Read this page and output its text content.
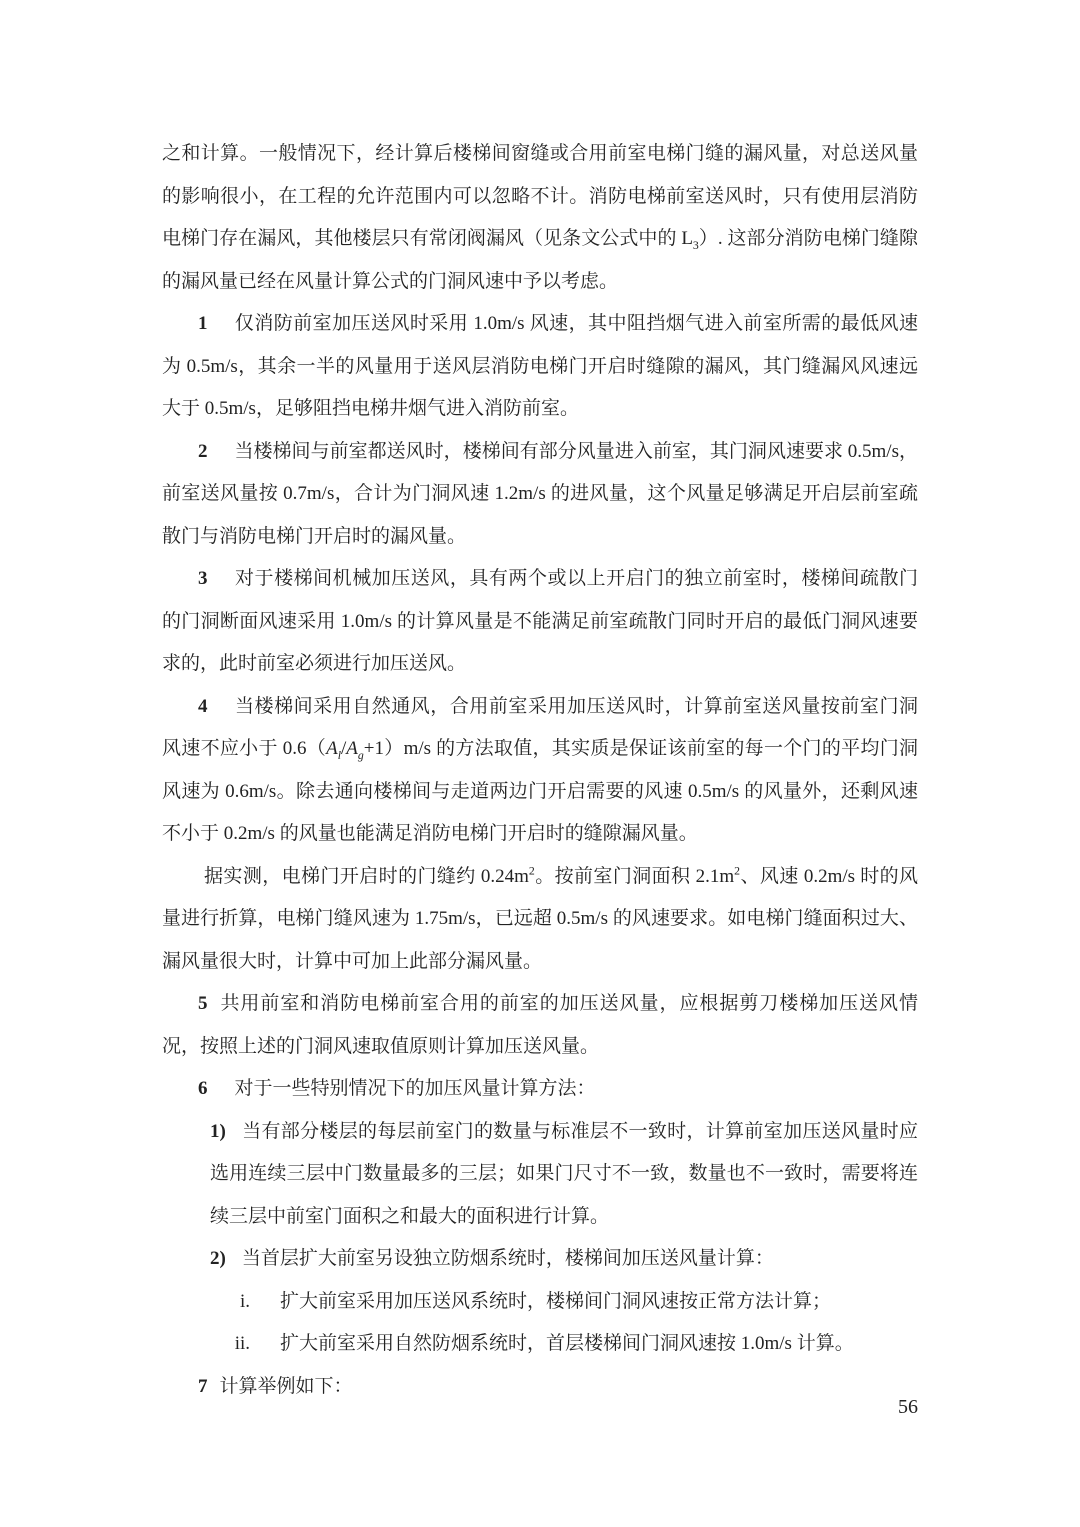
之和计算。一般情况下，经计算后楼梯间窗缝或合用前室电梯门缝的漏风量，对总送风量的影响很小，在工程的允许范围内可以忽略不计。消防电梯前室送风时，只有使用层消防电梯门存在漏风，其他楼层只有常闭阀漏风（见条文公式中的 $L_3$）. 这部分消防电梯门缝隙的漏风量已经在风量计算公式的门洞风速中予以考虑。
1 仅消防前室加压送风时采用 1.0m/s 风速，其中阻挡烟气进入前室所需的最低风速为 0.5m/s，其余一半的风量用于送风层消防电梯门开启时缝隙的漏风，其门缝漏风风速远大于 0.5m/s，足够阻挡电梯井烟气进入消防前室。
2 当楼梯间与前室都送风时，楼梯间有部分风量进入前室，其门洞风速要求 0.5m/s，前室送风量按 0.7m/s，合计为门洞风速 1.2m/s 的进风量，这个风量足够满足开启层前室疏散门与消防电梯门开启时的漏风量。
3 对于楼梯间机械加压送风，具有两个或以上开启门的独立前室时，楼梯间疏散门的门洞断面风速采用 1.0m/s 的计算风量是不能满足前室疏散门同时开启的最低门洞风速要求的，此时前室必须进行加压送风。
4 当楼梯间采用自然通风，合用前室采用加压送风时，计算前室送风量按前室门洞风速不应小于 $0.6(A_l/A_g+1)m/s$ 的方法取值，其实质是保证该前室的每一个门的平均门洞风速为 0.6m/s。除去通向楼梯间与走道两边门开启需要的风速 0.5m/s 的风量外，还剩风速不小于 0.2m/s 的风量也能满足消防电梯门开启时的缝隙漏风量。
据实测，电梯门开启时的门缝约 $0.24m^2$。按前室门洞面积 $2.1m^2$、风速 0.2m/s 时的风量进行折算，电梯门缝风速为 1.75m/s，已远超 0.5m/s 的风速要求。如电梯门缝面积过大、漏风量很大时，计算中可加上此部分漏风量。
5 共用前室和消防电梯前室合用的前室的加压送风量，应根据剪刀楼梯加压送风情况，按照上述的门洞风速取值原则计算加压送风量。
6 对于一些特别情况下的加压风量计算方法：
1) 当有部分楼层的每层前室门的数量与标准层不一致时，计算前室加压送风量时应选用连续三层中门数量最多的三层；如果门尺寸不一致，数量也不一致时，需要将连续三层中前室门面积之和最大的面积进行计算。
2) 当首层扩大前室另设独立防烟系统时，楼梯间加压送风量计算：
i. 扩大前室采用加压送风系统时，楼梯间门洞风速按正常方法计算；
ii. 扩大前室采用自然防烟系统时，首层楼梯间门洞风速按 1.0m/s 计算。
7 计算举例如下：
56
